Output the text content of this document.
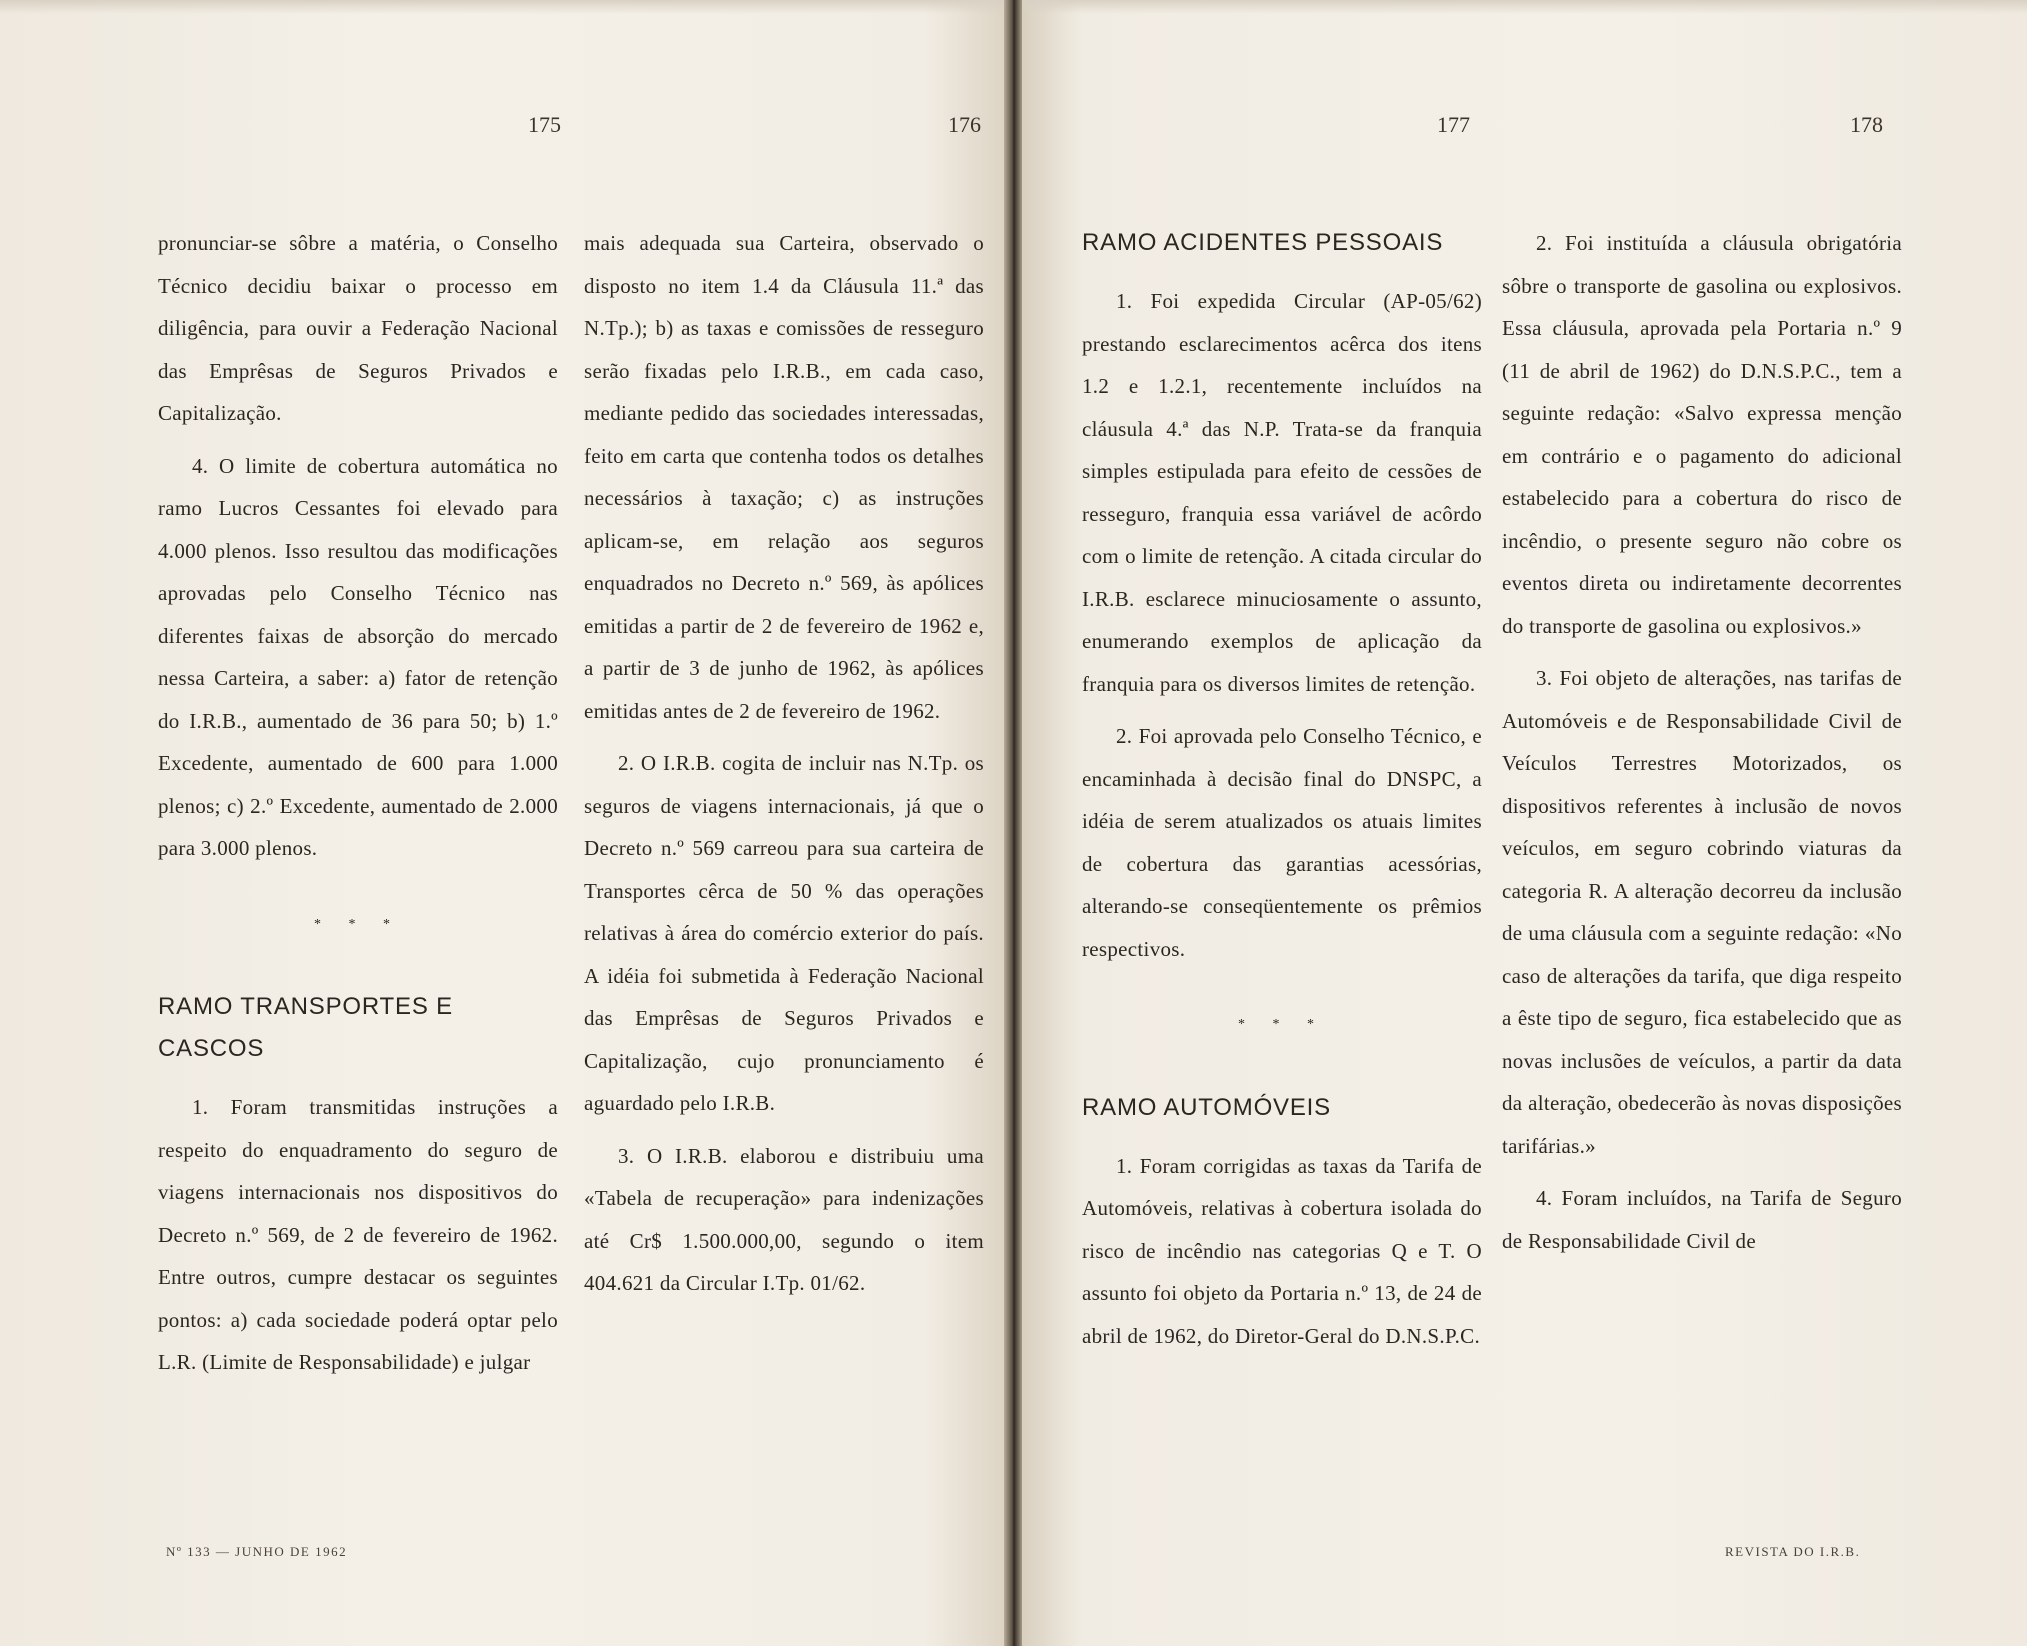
175	176

pronunciar-se sôbre a matéria, o Conselho Técnico decidiu baixar o processo em diligência, para ouvir a Federação Nacional das Emprêsas de Seguros Privados e Capitalização.

4. O limite de cobertura automática no ramo Lucros Cessantes foi elevado para 4.000 plenos. Isso resultou das modificações aprovadas pelo Conselho Técnico nas diferentes faixas de absorção do mercado nessa Carteira, a saber: a) fator de retenção do I.R.B., aumentado de 36 para 50; b) 1.º Excedente, aumentado de 600 para 1.000 plenos; c) 2.º Excedente, aumentado de 2.000 para 3.000 plenos.

* * *
RAMO TRANSPORTES E CASCOS

1. Foram transmitidas instruções a respeito do enquadramento do seguro de viagens internacionais nos dispositivos do Decreto n.º 569, de 2 de fevereiro de 1962. Entre outros, cumpre destacar os seguintes pontos: a) cada sociedade poderá optar pelo L.R. (Limite de Responsabilidade) e julgar

mais adequada sua Carteira, observado o disposto no item 1.4 da Cláusula 11.ª das N.Tp.); b) as taxas e comissões de resseguro serão fixadas pelo I.R.B., em cada caso, mediante pedido das sociedades interessadas, feito em carta que contenha todos os detalhes necessários à taxação; c) as instruções aplicam-se, em relação aos seguros enquadrados no Decreto n.º 569, às apólices emitidas a partir de 2 de fevereiro de 1962 e, a partir de 3 de junho de 1962, às apólices emitidas antes de 2 de fevereiro de 1962.

2. O I.R.B. cogita de incluir nas N.Tp. os seguros de viagens internacionais, já que o Decreto n.º 569 carreou para sua carteira de Transportes cêrca de 50 % das operações relativas à área do comércio exterior do país. A idéia foi submetida à Federação Nacional das Emprêsas de Seguros Privados e Capitalização, cujo pronunciamento é aguardado pelo I.R.B.

3. O I.R.B. elaborou e distribuiu uma «Tabela de recuperação» para indenizações até Cr$ 1.500.000,00, segundo o item 404.621 da Circular I.Tp. 01/62.

Nº 133 — JUNHO DE 1962
177	178
RAMO ACIDENTES PESSOAIS

1. Foi expedida Circular (AP-05/62) prestando esclarecimentos acêrca dos itens 1.2 e 1.2.1, recentemente incluídos na cláusula 4.ª das N.P. Trata-se da franquia simples estipulada para efeito de cessões de resseguro, franquia essa variável de acôrdo com o limite de retenção. A citada circular do I.R.B. esclarece minuciosamente o assunto, enumerando exemplos de aplicação da franquia para os diversos limites de retenção.

2. Foi aprovada pelo Conselho Técnico, e encaminhada à decisão final do DNSPC, a idéia de serem atualizados os atuais limites de cobertura das garantias acessórias, alterando-se conseqüentemente os prêmios respectivos.

* * *
RAMO AUTOMÓVEIS

1. Foram corrigidas as taxas da Tarifa de Automóveis, relativas à cobertura isolada do risco de incêndio nas categorias Q e T. O assunto foi objeto da Portaria n.º 13, de 24 de abril de 1962, do Diretor-Geral do D.N.S.P.C.

2. Foi instituída a cláusula obrigatória sôbre o transporte de gasolina ou explosivos. Essa cláusula, aprovada pela Portaria n.º 9 (11 de abril de 1962) do D.N.S.P.C., tem a seguinte redação: «Salvo expressa menção em contrário e o pagamento do adicional estabelecido para a cobertura do risco de incêndio, o presente seguro não cobre os eventos direta ou indiretamente decorrentes do transporte de gasolina ou explosivos.»

3. Foi objeto de alterações, nas tarifas de Automóveis e de Responsabilidade Civil de Veículos Terrestres Motorizados, os dispositivos referentes à inclusão de novos veículos, em seguro cobrindo viaturas da categoria R. A alteração decorreu da inclusão de uma cláusula com a seguinte redação: «No caso de alterações da tarifa, que diga respeito a êste tipo de seguro, fica estabelecido que as novas inclusões de veículos, a partir da data da alteração, obedecerão às novas disposições tarifárias.»

4. Foram incluídos, na Tarifa de Seguro de Responsabilidade Civil de

REVISTA DO I.R.B.
